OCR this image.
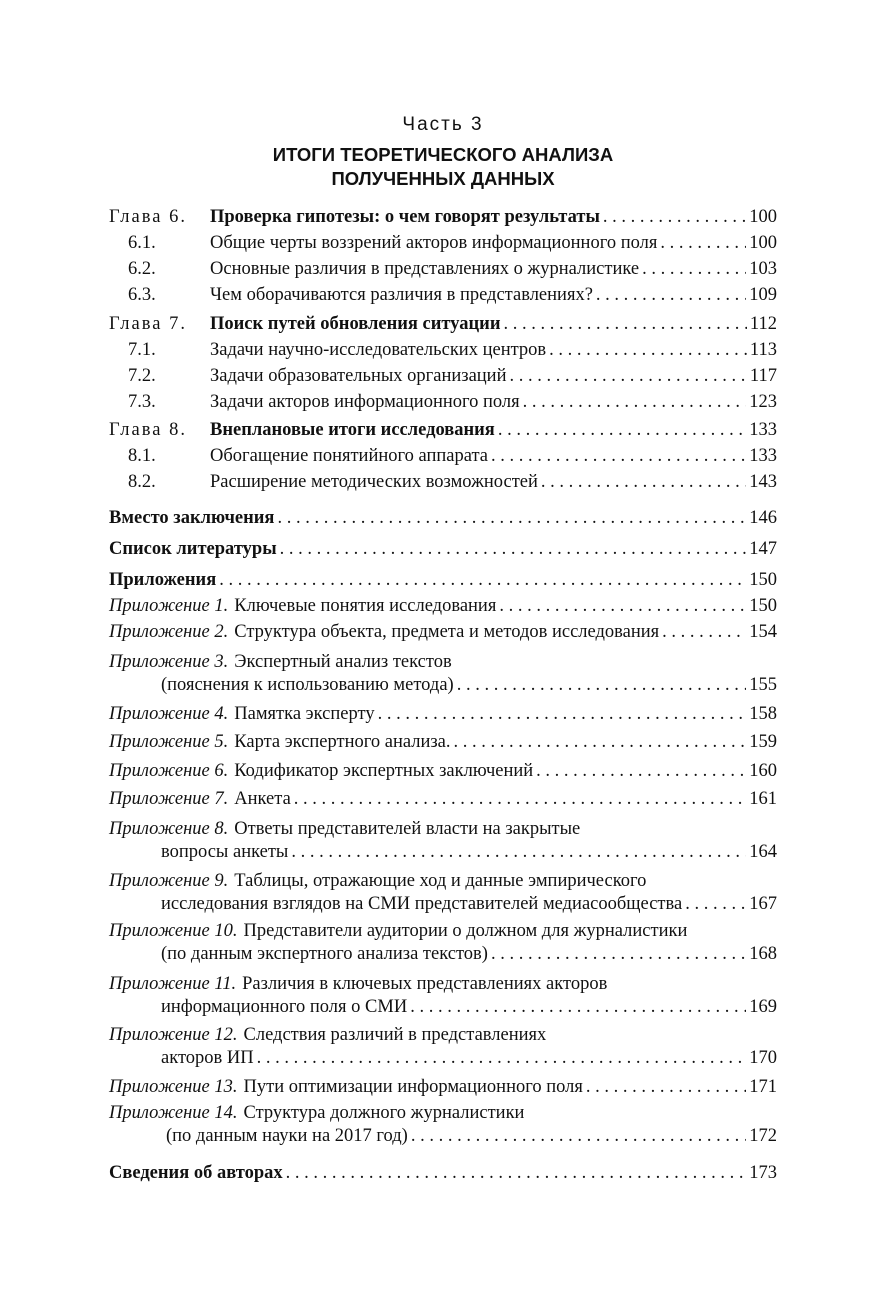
Часть 3
ИТОГИ ТЕОРЕТИЧЕСКОГО АНАЛИЗА
ПОЛУЧЕННЫХ ДАННЫХ
Глава 6.	Проверка гипотезы: о чем говорят результаты . . .	100
6.1.	Общие черты воззрений акторов информационного поля . . .	100
6.2.	Основные различия в представлениях о журналистике . . .	103
6.3.	Чем оборачиваются различия в представлениях? . . .	109
Глава 7.	Поиск путей обновления ситуации . . .	112
7.1.	Задачи научно-исследовательских центров . . .	113
7.2.	Задачи образовательных организаций . . .	117
7.3.	Задачи акторов информационного поля . . .	123
Глава 8.	Внеплановые итоги исследования . . .	133
8.1.	Обогащение понятийного аппарата . . .	133
8.2.	Расширение методических возможностей . . .	143
Вместо заключения . . .	146
Список литературы . . .	147
Приложения . . .	150
Приложение 1. Ключевые понятия исследования . . .	150
Приложение 2. Структура объекта, предмета и методов исследования . . .	154
Приложение 3. Экспертный анализ текстов
(пояснения к использованию метода) . . .	155
Приложение 4. Памятка эксперту . . .	158
Приложение 5. Карта экспертного анализа. . . .	159
Приложение 6. Кодификатор экспертных заключений . . .	160
Приложение 7. Анкета . . .	161
Приложение 8. Ответы представителей власти на закрытые
вопросы анкеты . . .	164
Приложение 9. Таблицы, отражающие ход и данные эмпирического
исследования взглядов на СМИ представителей медиасообщества . . .	167
Приложение 10. Представители аудитории о должном для журналистики
(по данным экспертного анализа текстов) . . .	168
Приложение 11. Различия в ключевых представлениях акторов
информационного поля о СМИ . . .	169
Приложение 12. Следствия различий в представлениях
акторов ИП . . .	170
Приложение 13. Пути оптимизации информационного поля . . .	171
Приложение 14. Структура должного журналистики
(по данным науки на 2017 год) . . .	172
Сведения об авторах . . .	173
